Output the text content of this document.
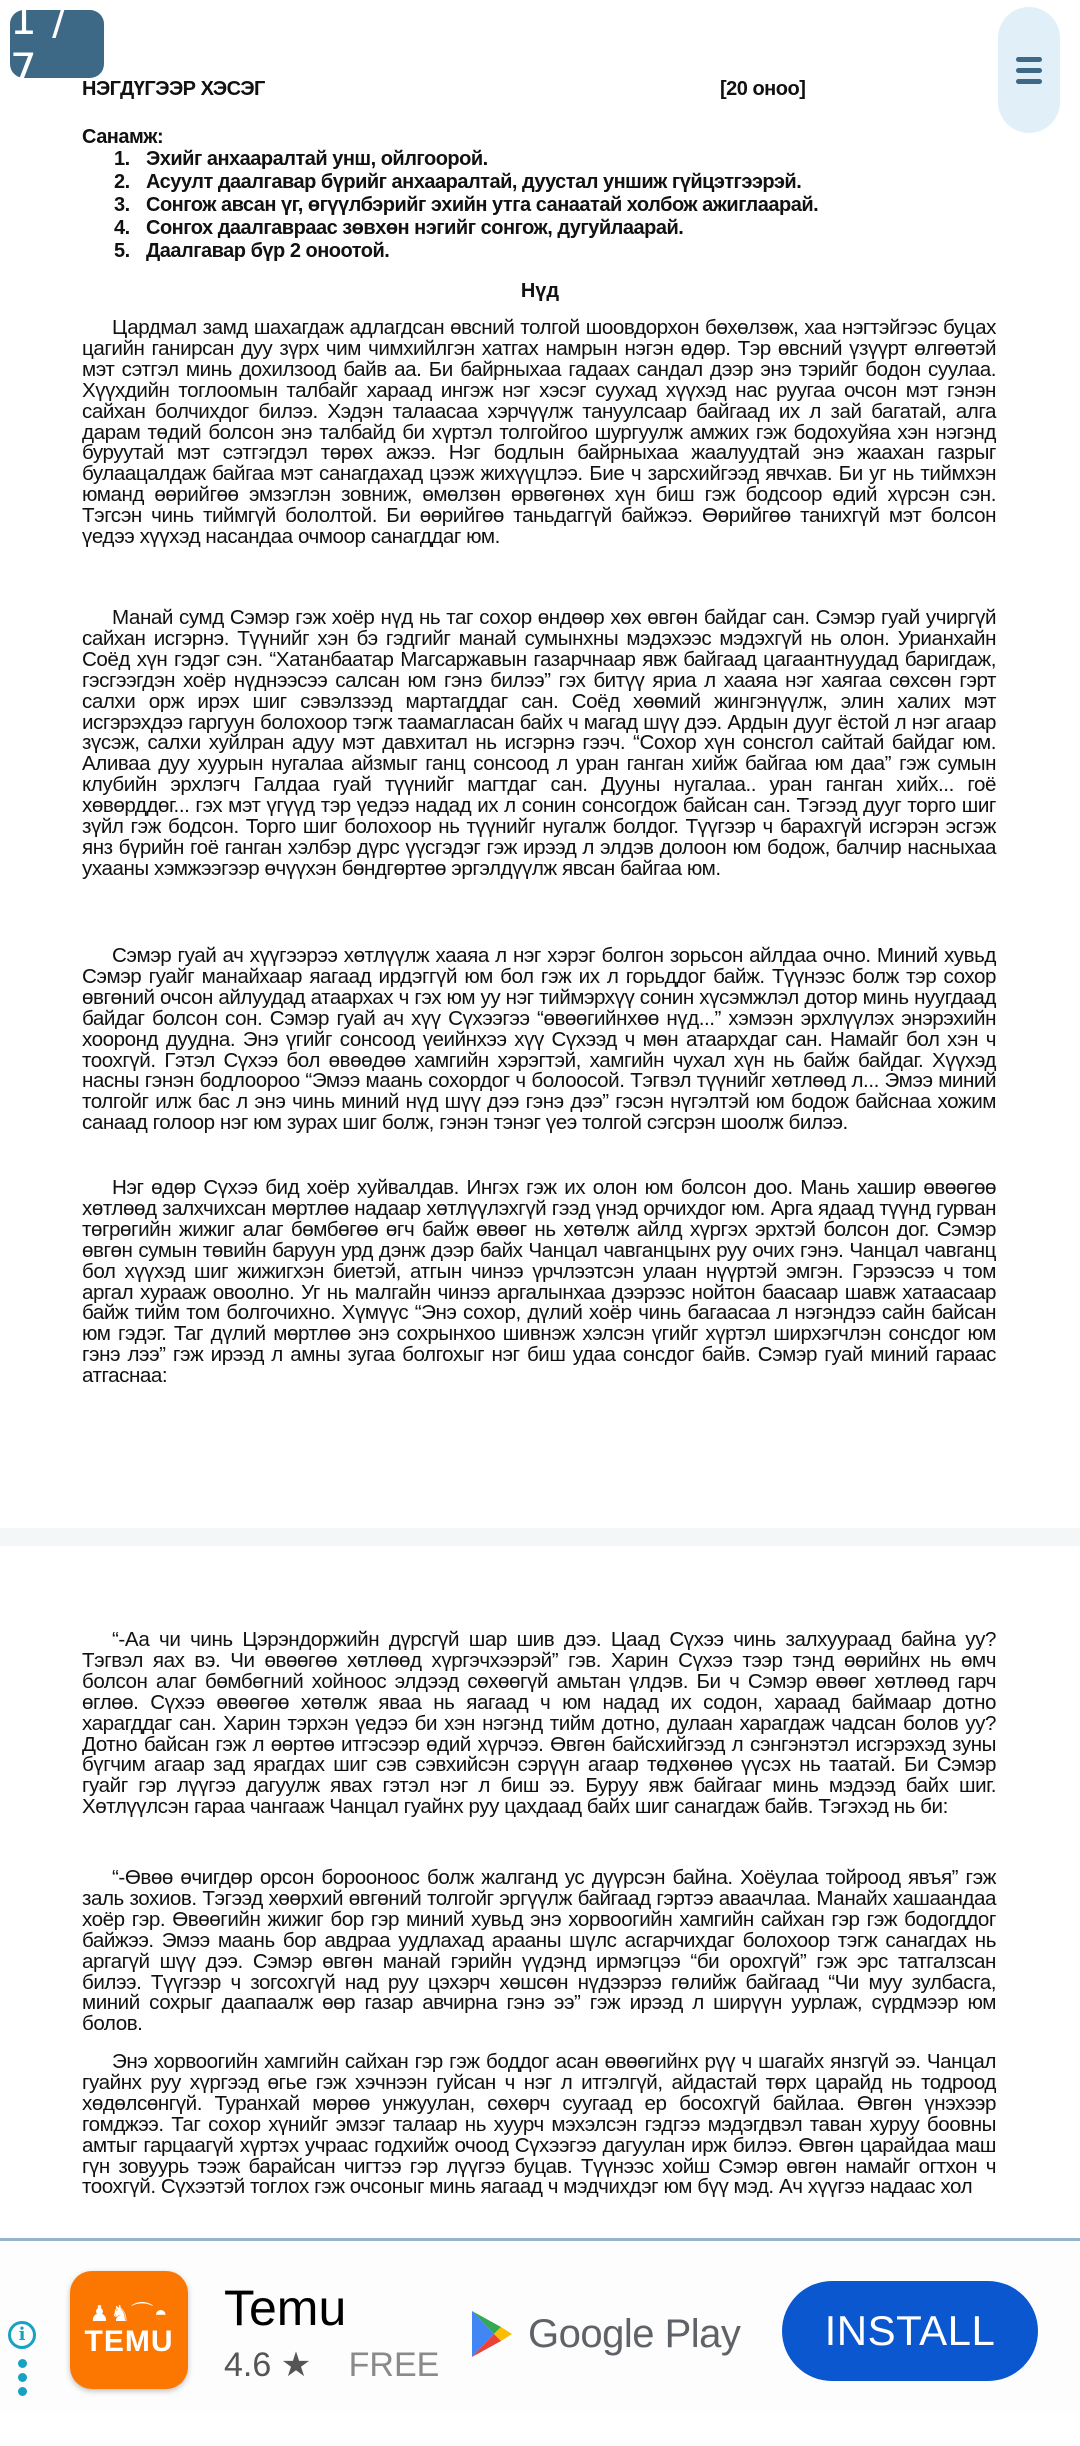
НЭГДҮГЭЭР ХЭСЭГ	[20 оноо]
Санамж:
1. Эхийг анхааралтай унш, ойлгоорой.
2. Асуулт даалгавар бүрийг анхааралтай, дуустал уншиж гүйцэтгээрэй.
3. Сонгож авсан үг, өгүүлбэрийг эхийн утга санаатай холбож ажиглаарай.
4. Сонгох даалгавраас зөвхөн нэгийг сонгож, дугуйлаарай.
5. Даалгавар бүр 2 оноотой.
Нүд

Цардмал замд шахагдаж адлагдсан өвсний толгой шоовдорхон бөхөлзөж, хаа нэгтэйгээс буцах цагийн ганирсан дуу зүрх чим чимхийлгэн хатгах намрын нэгэн өдөр. Тэр өвсний үзүүрт өлгөөтэй мэт сэтгэл минь дохилзоод байв аа. Би байрныхаа гадаах сандал дээр энэ тэрийг бодон суулаа. Хүүхдийн тоглоомын талбайг хараад ингэж нэг хэсэг суухад хүүхэд нас руугаа очсон мэт гэнэн сайхан болчихдог билээ. Хэдэн талаасаа хэрчүүлж тануулсаар байгаад их л зай багатай, алга дарам төдий болсон энэ талбайд би хүртэл толгойгоо шургуулж амжих гэж бодохуйяа хэн нэгэнд буруутай мэт сэтгэгдэл төрөх ажээ. Нэг бодлын байрныхаа жаалуудтай энэ жаахан газрыг булаацалдаж байгаа мэт санагдахад цээж жихүүцлээ. Бие ч зарсхийгээд явчхав. Би уг нь тиймхэн юманд өөрийгөө эмзэглэн зовниж, өмөлзөн өрвөгөнөх хүн биш гэж бодсоор өдий хүрсэн сэн. Тэгсэн чинь тиймгүй бололтой. Би өөрийгөө таньдаггүй байжээ. Өөрийгөө танихгүй мэт болсон үедээ хүүхэд насандаа очмоор санагддаг юм.

Манай сумд Сэмэр гэж хоёр нүд нь таг сохор өндөөр хөх өвгөн байдаг сан. Сэмэр гуай учиргүй сайхан исгэрнэ. Түүнийг хэн бэ гэдгийг манай сумынхны мэдэхээс мэдэхгүй нь олон. Урианхайн Соёд хүн гэдэг сэн. “Хатанбаатар Магсаржавын газарчнаар явж байгаад цагаантнуудад баригдаж, гэсгээгдэн хоёр нүднээсээ салсан юм гэнэ билээ” гэх битүү яриа л хааяа нэг хаягаа сөхсөн гэрт салхи орж ирэх шиг сэвэлзээд мартагддаг сан. Соёд хөөмий жингэнүүлж, элин халих мэт исгэрэхдээ гаргуун болохоор тэгж таамагласан байх ч магад шүү дээ. Ардын дууг ёстой л нэг агаар зүсэж, салхи хуйлран адуу мэт давхитал нь исгэрнэ гээч. “Сохор хүн сонсгол сайтай байдаг юм. Аливаа дуу хуурын нугалаа айзмыг ганц сонсоод л уран ганган хийж байгаа юм даа” гэж сумын клубийн эрхлэгч Галдаа гуай түүнийг магтдаг сан. Дууны нугалаа.. уран ганган хийх... гоё хөвөрддөг... гэх мэт үгүүд тэр үедээ надад их л сонин сонсогдож байсан сан. Тэгээд дууг торго шиг зүйл гэж бодсон. Торго шиг болохоор нь түүнийг нугалж болдог. Түүгээр ч барахгүй исгэрэн эсгэж янз бүрийн гоё ганган хэлбэр дүрс үүсгэдэг гэж ирээд л элдэв долоон юм бодож, балчир насныхаа ухааны хэмжээгээр өчүүхэн бөндгөртөө эргэлдүүлж явсан байгаа юм.

Сэмэр гуай ач хүүгээрээ хөтлүүлж хааяа л нэг хэрэг болгон зорьсон айлдаа очно. Миний хувьд Сэмэр гуайг манайхаар яагаад ирдэггүй юм бол гэж их л горьддог байж. Түүнээс болж тэр сохор өвгөний очсон айлуудад атаархах ч гэх юм уу нэг тиймэрхүү сонин хүсэмжлэл дотор минь нуугдаад байдаг болсон сон. Сэмэр гуай ач хүү Сүхээгээ “өвөөгийнхөө нүд...” хэмээн эрхлүүлэх энэрэхийн хооронд дуудна. Энэ үгийг сонсоод үеийнхээ хүү Сүхээд ч мөн атаархдаг сан. Намайг бол хэн ч тоохгүй. Гэтэл Сүхээ бол өвөөдөө хамгийн хэрэгтэй, хамгийн чухал хүн нь байж байдаг. Хүүхэд насны гэнэн бодлоороо “Эмээ маань сохордог ч болоосой. Тэгвэл түүнийг хөтлөөд л... Эмээ миний толгойг илж бас л энэ чинь миний нүд шүү дээ гэнэ дээ” гэсэн нүгэлтэй юм бодож байснаа хожим санаад голоор нэг юм зурах шиг болж, гэнэн тэнэг үеэ толгой сэгсрэн шоолж билээ.

Нэг өдөр Сүхээ бид хоёр хуйвалдав. Ингэх гэж их олон юм болсон доо. Мань хашир өвөөгөө хөтлөөд залхчихсан мөртлөө надаар хөтлүүлэхгүй гээд үнэд орчихдог юм. Арга ядаад түүнд гурван төгрөгийн жижиг алаг бөмбөгөө өгч байж өвөөг нь хөтөлж айлд хүргэх эрхтэй болсон дог. Сэмэр өвгөн сумын төвийн баруун урд дэнж дээр байх Чанцал чавганцынх руу очих гэнэ. Чанцал чавганц бол хүүхэд шиг жижигхэн биетэй, атгын чинээ үрчлээтсэн улаан нүүртэй эмгэн. Гэрээсээ ч том аргал хурааж овоолно. Уг нь малгайн чинээ аргалынхаа дээрээс нойтон баасаар шавж хатаасаар байж тийм том болгочихно. Хүмүүс “Энэ сохор, дүлий хоёр чинь багаасаа л нэгэндээ сайн байсан юм гэдэг. Таг дүлий мөртлөө энэ сохрынхоо шивнэж хэлсэн үгийг хүртэл ширхэгчлэн сонсдог юм гэнэ лээ” гэж ирээд л амны зугаа болгохыг нэг биш удаа сонсдог байв. Сэмэр гуай миний гараас атгаснаа:

“-Аа чи чинь Цэрэндоржийн дүрсгүй шар шив дээ. Цаад Сүхээ чинь залхуураад байна уу? Тэгвэл яах вэ. Чи өвөөгөө хөтлөөд хүргэчхээрэй” гэв. Харин Сүхээ тээр тэнд өөрийнх нь өмч болсон алаг бөмбөгний хойноос элдээд сөхөөгүй амьтан үлдэв. Би ч Сэмэр өвөөг хөтлөөд гарч өглөө. Сүхээ өвөөгөө хөтөлж яваа нь яагаад ч юм надад их содон, хараад баймаар дотно харагддаг сан. Харин тэрхэн үедээ би хэн нэгэнд тийм дотно, дулаан харагдаж чадсан болов уу? Дотно байсан гэж л өөртөө итгэсээр өдий хүрчээ. Өвгөн байсхийгээд л сэнгэнэтэл исгэрэхэд зуны бүгчим агаар зад ярагдах шиг сэв сэвхийсэн сэрүүн агаар төдхөнөө үүсэх нь таатай. Би Сэмэр гуайг гэр лүүгээ дагуулж явах гэтэл нэг л биш ээ. Буруу явж байгааг минь мэдээд байх шиг. Хөтлүүлсэн гараа чангааж Чанцал гуайнх руу цахдаад байх шиг санагдаж байв. Тэгэхэд нь би:

“-Өвөө өчигдөр орсон борооноос болж жалганд ус дүүрсэн байна. Хоёулаа тойроод явъя” гэж заль зохиов. Тэгээд хөөрхий өвгөний толгойг эргүүлж байгаад гэртээ аваачлаа. Манайх хашаандаа хоёр гэр. Өвөөгийн жижиг бор гэр миний хувьд энэ хорвоогийн хамгийн сайхан гэр гэж бодогддог байжээ. Эмээ маань бор авдраа уудлахад арааны шүлс асгарчихдаг болохоор тэгж санагдах нь аргагүй шүү дээ. Сэмэр өвгөн манай гэрийн үүдэнд ирмэгцээ “би орохгүй” гэж эрс татгалзсан билээ. Түүгээр ч зогсохгүй над руу цэхэрч хөшсөн нүдээрээ гөлийж байгаад “Чи муу зулбасга, миний сохрыг даапаалж өөр газар авчирна гэнэ ээ” гэж ирээд л ширүүн уурлаж, сүрдмээр юм болов.

Энэ хорвоогийн хамгийн сайхан гэр гэж боддог асан өвөөгийнх рүү ч шагайх янзгүй ээ. Чанцал гуайнх руу хүргээд өгье гэж хэчнээн гуйсан ч нэг л итгэлгүй, айдастай төрх царайд нь тодроод хөдөлсөнгүй. Туранхай мөрөө унжуулан, сөхөрч суугаад ер босохгүй байлаа. Өвгөн үнэхээр гомджээ. Таг сохор хүнийг эмзэг талаар нь хуурч мэхэлсэн гэдгээ мэдэгдвэл таван хуруу боовны амтыг гарцаагүй хүртэх учраас годхийж очоод Сүхээгээ дагуулан ирж билээ. Өвгөн царайдаа маш гүн зовуурь тээж барайсан чигтээ гэр лүүгээ буцав. Түүнээс хойш Сэмэр өвгөн намайг огтхон ч тоохгүй. Сүхээтэй тоглох гэж очсоныг минь яагаад ч мэдчихдэг юм бүү мэд. Ач хүүгээ надаас хол

1 / 7
i
♟♞⌒◓
TEMU
Temu
4.6 ★ FREE
Google Play	INSTALL
